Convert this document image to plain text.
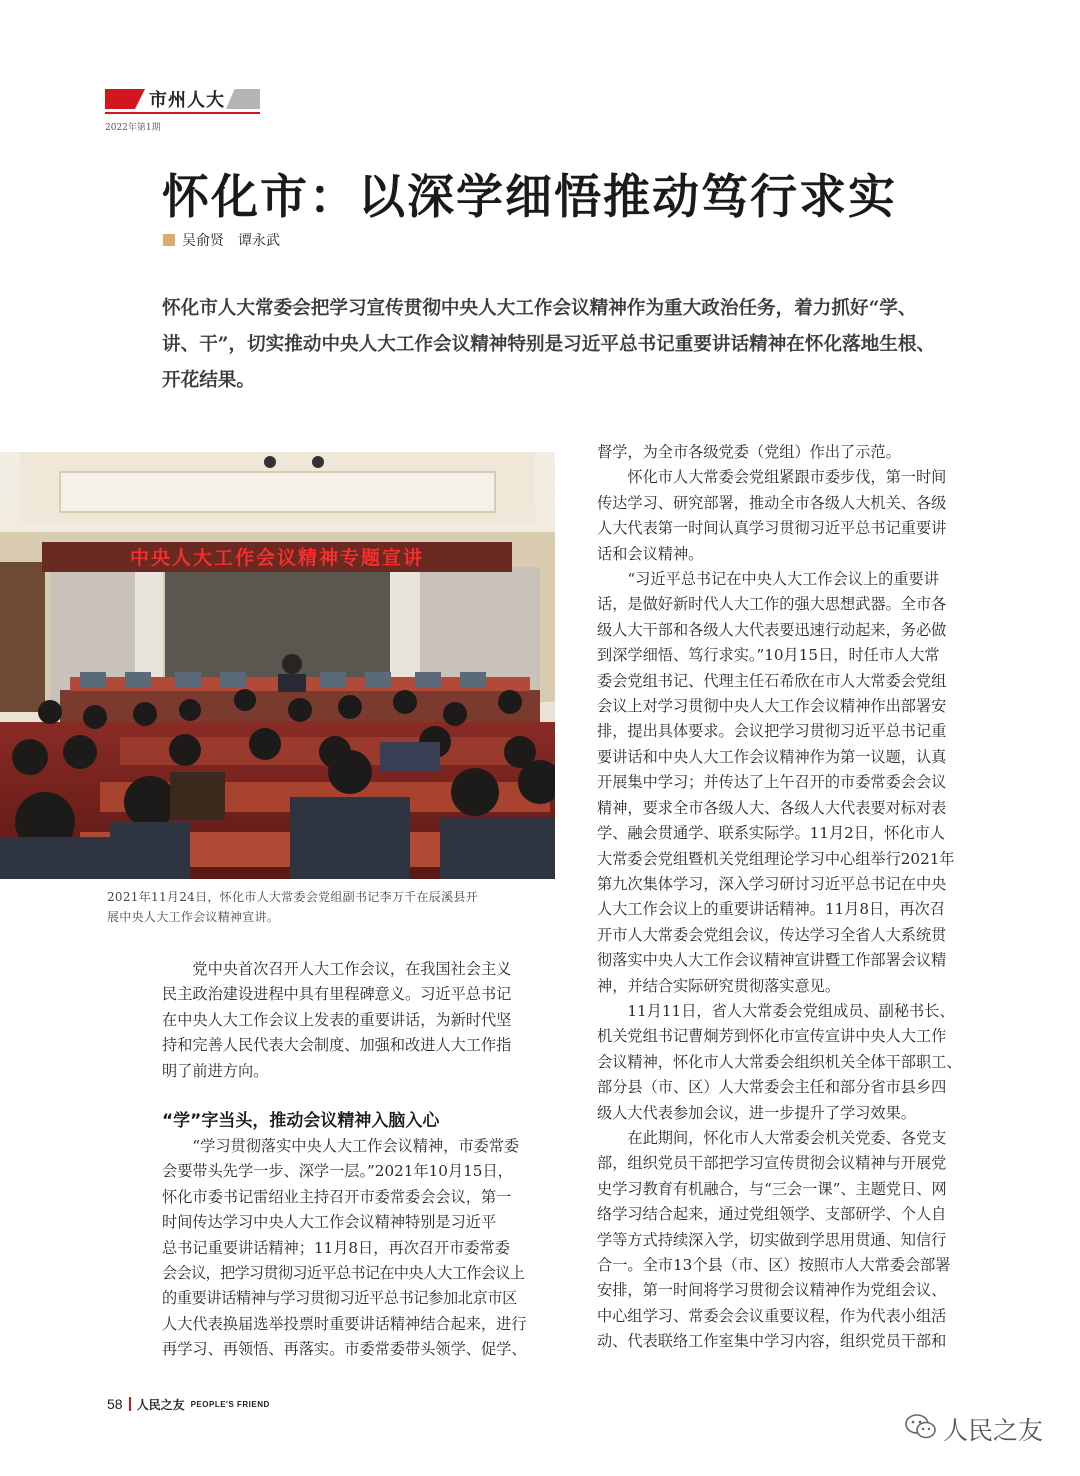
市州人大
2022年第1期
怀化市：以深学细悟推动笃行求实
吴俞贤　谭永武

怀化市人大常委会把学习宣传贯彻中央人大工作会议精神作为重大政治任务，着力抓好“学、

讲、干”，切实推动中央人大工作会议精神特别是习近平总书记重要讲话精神在怀化落地生根、

开花结果。

中央人大工作会议精神专题宣讲

2021年11月24日，怀化市人大常委会党组副书记李万千在辰溪县开

展中央人大工作会议精神宣讲。

　　党中央首次召开人大工作会议，在我国社会主义

民主政治建设进程中具有里程碑意义。习近平总书记

在中央人大工作会议上发表的重要讲话，为新时代坚

持和完善人民代表大会制度、加强和改进人大工作指

明了前进方向。

“学”字当头，推动会议精神入脑入心

　　“学习贯彻落实中央人大工作会议精神，市委常委

会要带头先学一步、深学一层。”2021年10月15日，

怀化市委书记雷绍业主持召开市委常委会会议，第一

时间传达学习中央人大工作会议精神特别是习近平

总书记重要讲话精神；11月8日，再次召开市委常委

会会议，把学习贯彻习近平总书记在中央人大工作会议上

的重要讲话精神与学习贯彻习近平总书记参加北京市区

人大代表换届选举投票时重要讲话精神结合起来，进行

再学习、再领悟、再落实。市委常委带头领学、促学、

督学，为全市各级党委（党组）作出了示范。

　　怀化市人大常委会党组紧跟市委步伐，第一时间

传达学习、研究部署，推动全市各级人大机关、各级

人大代表第一时间认真学习贯彻习近平总书记重要讲

话和会议精神。

　　“习近平总书记在中央人大工作会议上的重要讲

话，是做好新时代人大工作的强大思想武器。全市各

级人大干部和各级人大代表要迅速行动起来，务必做

到深学细悟、笃行求实。”10月15日，时任市人大常

委会党组书记、代理主任石希欣在市人大常委会党组

会议上对学习贯彻中央人大工作会议精神作出部署安

排，提出具体要求。会议把学习贯彻习近平总书记重

要讲话和中央人大工作会议精神作为第一议题，认真

开展集中学习；并传达了上午召开的市委常委会会议

精神，要求全市各级人大、各级人大代表要对标对表

学、融会贯通学、联系实际学。11月2日，怀化市人

大常委会党组暨机关党组理论学习中心组举行2021年

第九次集体学习，深入学习研讨习近平总书记在中央

人大工作会议上的重要讲话精神。11月8日，再次召

开市人大常委会党组会议，传达学习全省人大系统贯

彻落实中央人大工作会议精神宣讲暨工作部署会议精

神，并结合实际研究贯彻落实意见。

　　11月11日，省人大常委会党组成员、副秘书长、

机关党组书记曹炯芳到怀化市宣传宣讲中央人大工作

会议精神，怀化市人大常委会组织机关全体干部职工、

部分县（市、区）人大常委会主任和部分省市县乡四

级人大代表参加会议，进一步提升了学习效果。

　　在此期间，怀化市人大常委会机关党委、各党支

部，组织党员干部把学习宣传贯彻会议精神与开展党

史学习教育有机融合，与“三会一课”、主题党日、网

络学习结合起来，通过党组领学、支部研学、个人自

学等方式持续深入学，切实做到学思用贯通、知信行

合一。全市13个县（市、区）按照市人大常委会部署

安排，第一时间将学习贯彻会议精神作为党组会议、

中心组学习、常委会会议重要议程，作为代表小组活

动、代表联络工作室集中学习内容，组织党员干部和

58 人民之友 PEOPLE'S FRIEND
人民之友
